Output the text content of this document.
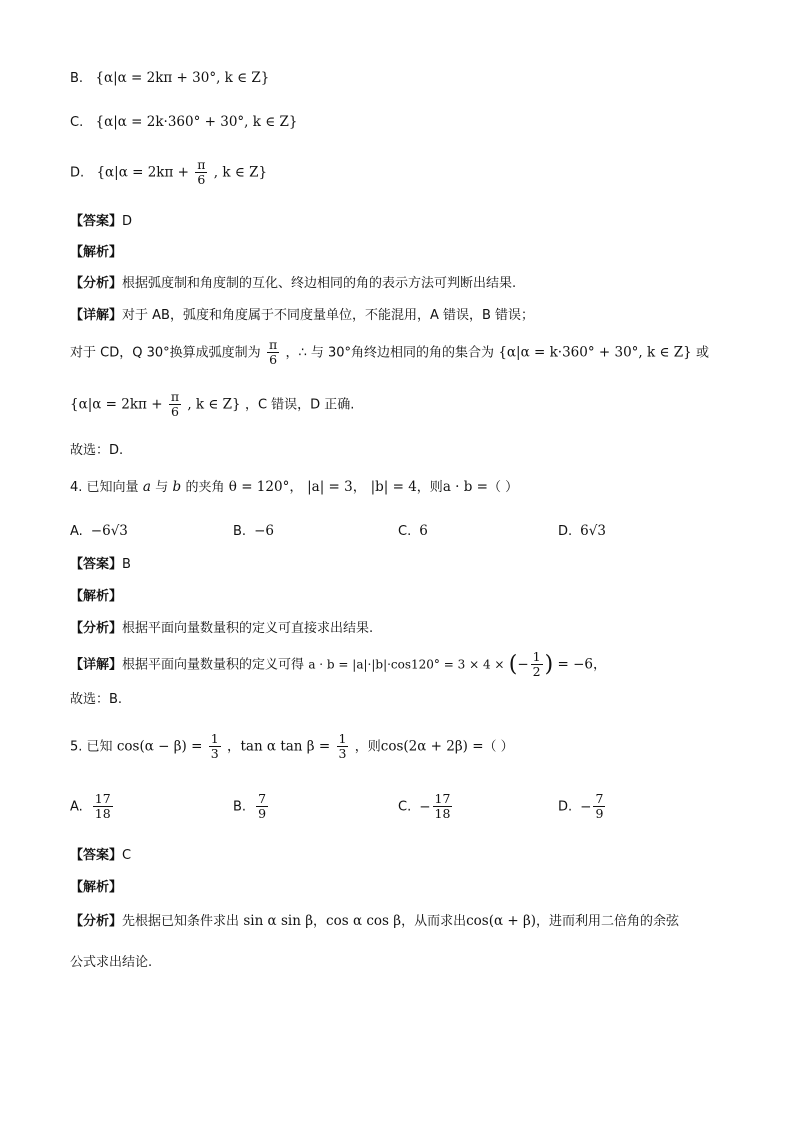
B. {α|α = 2kπ + 30°, k ∈ Z}
C. {α|α = 2k·360° + 30°, k ∈ Z}
D. {$\alpha|\alpha = 2k\pi + \frac{\pi}{6}$ , k ∈ Z}
【答案】D
【解析】
【分析】根据弧度制和角度制的互化、终边相同的角的表示方法可判断出结果.
【详解】对于 AB，弧度和角度属于不同度量单位，不能混用，A 错误，B 错误；
对于 CD，Q 30°换算成弧度制为 $\frac{\pi}{6}$ ，∴ 与 30°角终边相同的角的集合为 {α|α = k·360° + 30°, k ∈ Z} 或
{$\alpha|\alpha = 2k\pi + \frac{\pi}{6}$ , k ∈ Z} ，C 错误，D 正确.
故选：D.
4. 已知向量 a 与 b 的夹角 θ = 120°， |a| = 3， |b| = 4，则a · b =（ ）
A. −6√3	B. −6	C. 6	D. 6√3
【答案】B
【解析】
【分析】根据平面向量数量积的定义可直接求出结果.
【详解】根据平面向量数量积的定义可得 a · b = |a|·|b|·cos120° = 3 × 4 × (− $\frac{1}{2}$ ) = −6，
故选：B.
5. 已知 $\cos(\alpha - \beta) = \frac{1}{3}$ ，tan α $\tan \beta = \frac{1}{3}$ ，则cos(2α + 2β) =（ ）
A. $\frac{17}{18}$	B. $\frac{7}{9}$	C. − $\frac{17}{18}$	D. − $\frac{7}{9}$
【答案】C
【解析】
【分析】先根据已知条件求出 sin α sin β，cos α cos β，从而求出cos(α + β)，进而利用二倍角的余弦
公式求出结论.
